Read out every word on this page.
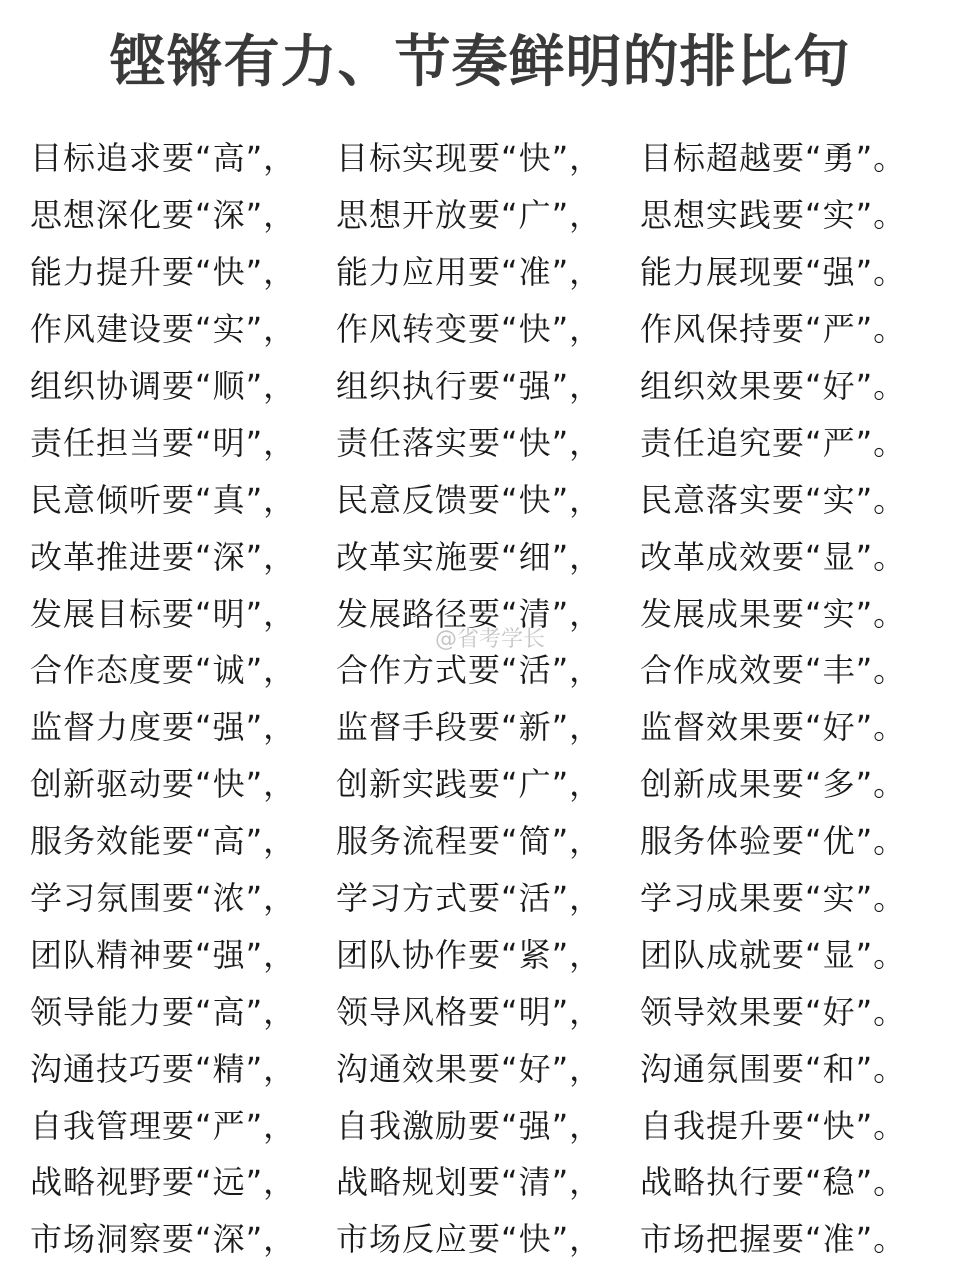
铿锵有力、节奏鲜明的排比句
目标追求要“高”，	目标实现要“快”，	目标超越要“勇”。
思想深化要“深”，	思想开放要“广”，	思想实践要“实”。
能力提升要“快”，	能力应用要“准”，	能力展现要“强”。
作风建设要“实”，	作风转变要“快”，	作风保持要“严”。
组织协调要“顺”，	组织执行要“强”，	组织效果要“好”。
责任担当要“明”，	责任落实要“快”，	责任追究要“严”。
民意倾听要“真”，	民意反馈要“快”，	民意落实要“实”。
改革推进要“深”，	改革实施要“细”，	改革成效要“显”。
发展目标要“明”，	发展路径要“清”，	发展成果要“实”。
合作态度要“诚”，	合作方式要“活”，	合作成效要“丰”。
监督力度要“强”，	监督手段要“新”，	监督效果要“好”。
创新驱动要“快”，	创新实践要“广”，	创新成果要“多”。
服务效能要“高”，	服务流程要“简”，	服务体验要“优”。
学习氛围要“浓”，	学习方式要“活”，	学习成果要“实”。
团队精神要“强”，	团队协作要“紧”，	团队成就要“显”。
领导能力要“高”，	领导风格要“明”，	领导效果要“好”。
沟通技巧要“精”，	沟通效果要“好”，	沟通氛围要“和”。
自我管理要“严”，	自我激励要“强”，	自我提升要“快”。
战略视野要“远”，	战略规划要“清”，	战略执行要“稳”。
市场洞察要“深”，	市场反应要“快”，	市场把握要“准”。
@省考学长
